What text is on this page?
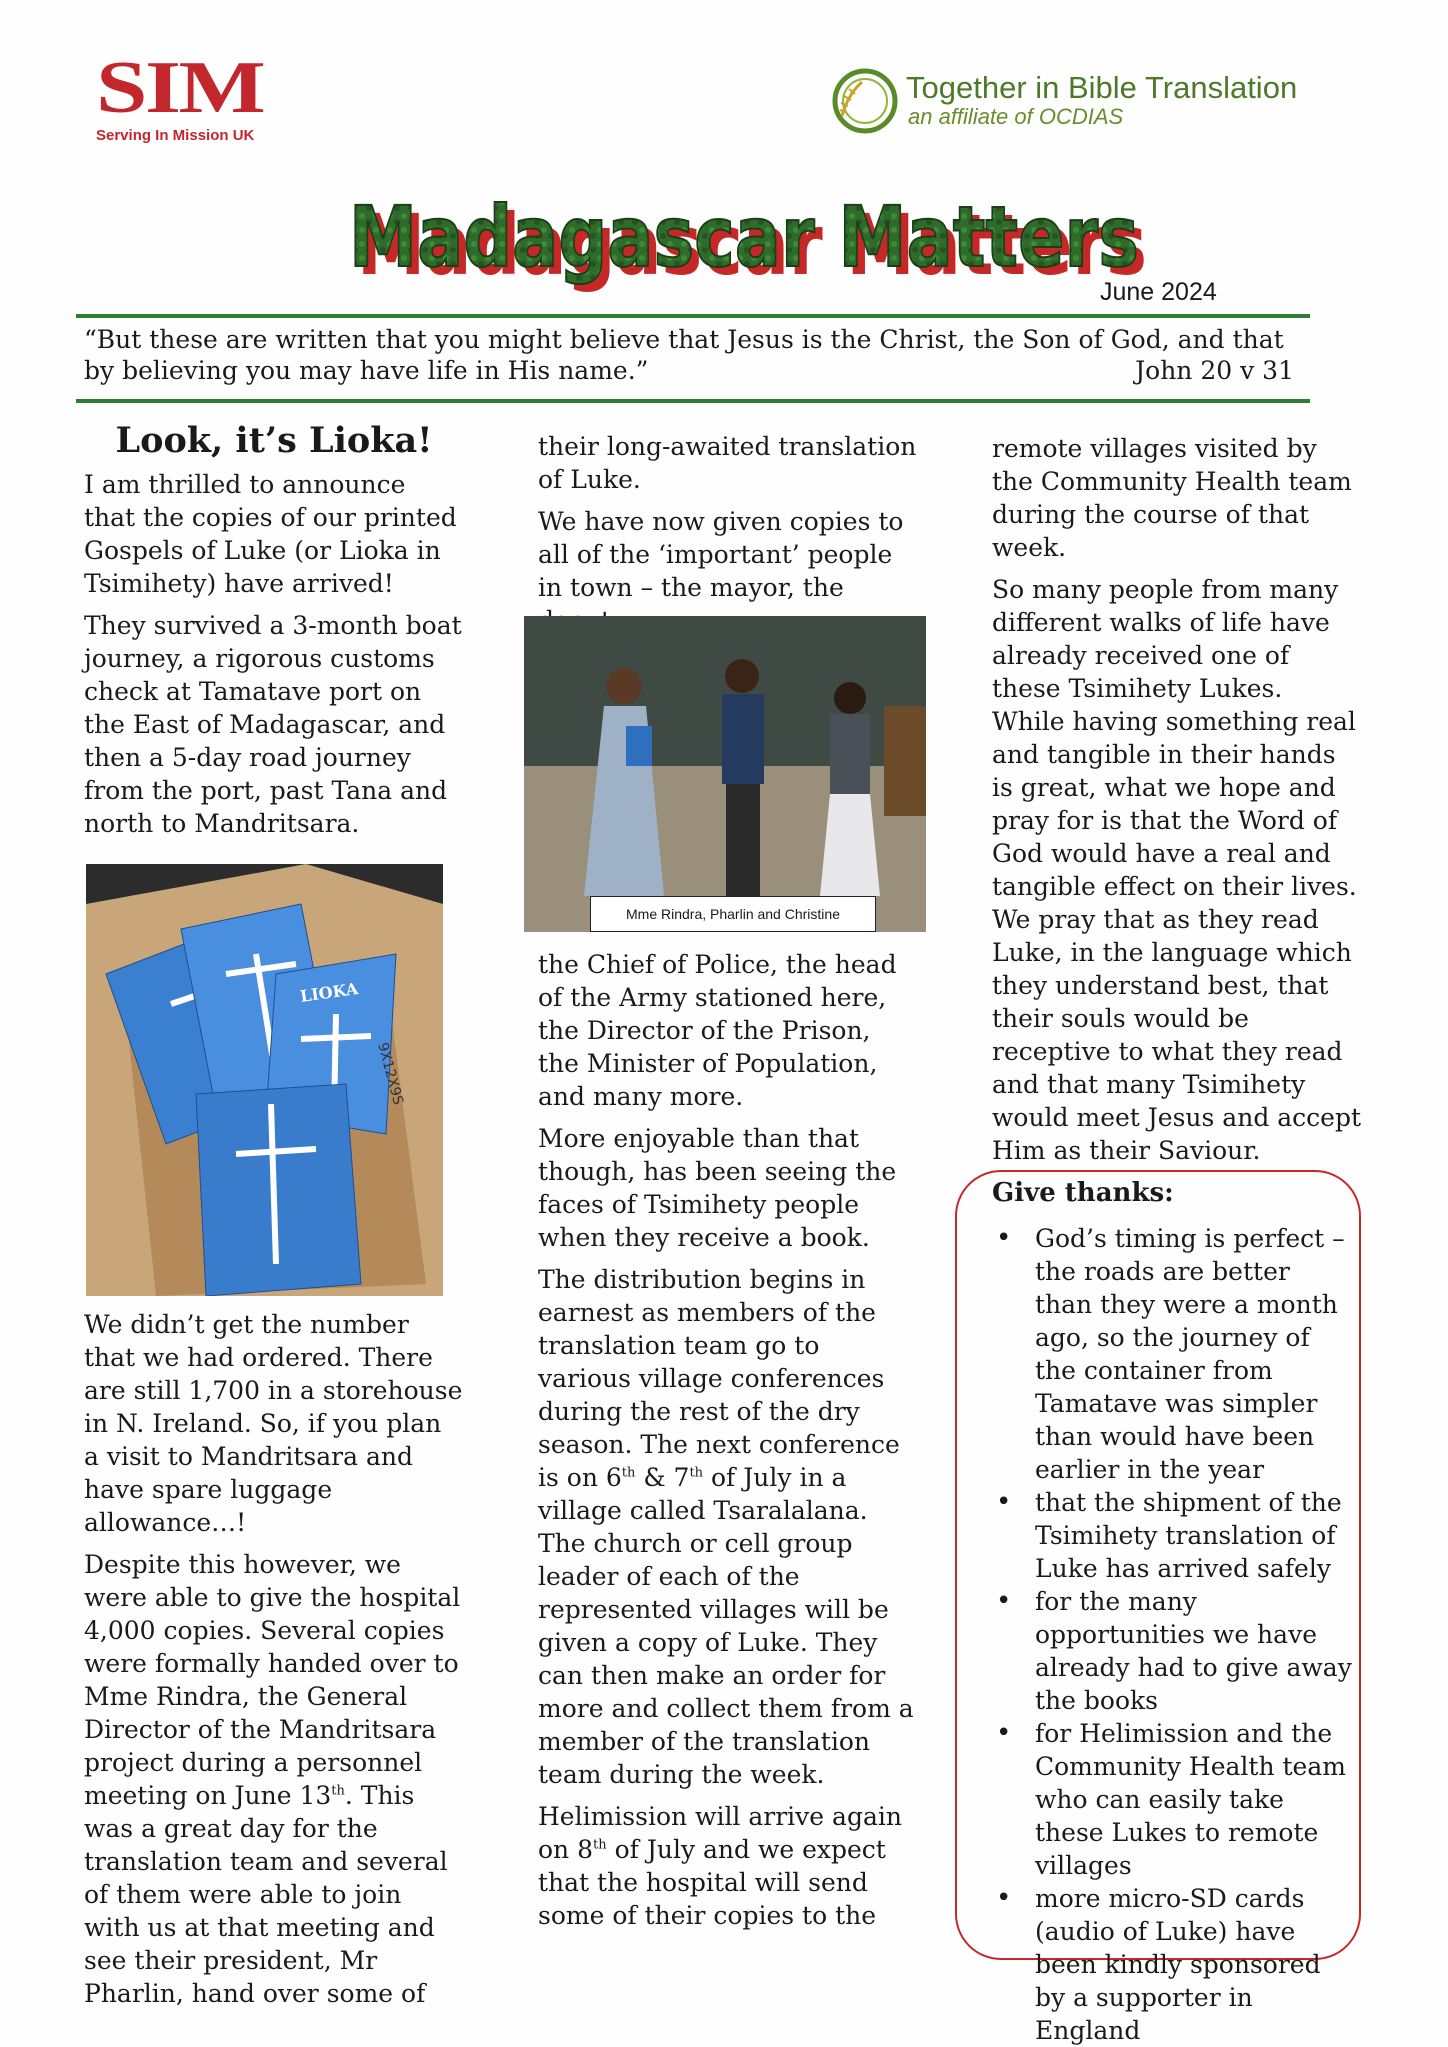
SIM
Serving In Mission UK
Together in Bible Translation
an affiliate of OCDIAS
Madagascar Matters
Madagascar Matters
June 2024
“But these are written that you might believe that Jesus is the Christ, the Son of God, and that by believing you may have life in His name.”	John 20 v 31
Look, it’s Lioka!

I am thrilled to announce that the copies of our printed Gospels of Luke (or Lioka in Tsimihety) have arrived!

They survived a 3-month boat journey, a rigorous customs check at Tamatave port on the East of Madagascar, and then a 5-day road journey from the port, past Tana and north to Mandritsara.

LIOKA
9X12X9S

We didn’t get the number that we had ordered. There are still 1,700 in a storehouse in N. Ireland. So, if you plan a visit to Mandritsara and have spare luggage allowance…!

Despite this however, we were able to give the hospital 4,000 copies. Several copies were formally handed over to Mme Rindra, the General Director of the Mandritsara project during a personnel meeting on June 13th. This was a great day for the translation team and several of them were able to join with us at that meeting and see their president, Mr Pharlin, hand over some of

their long-awaited translation of Luke.

We have now given copies to all of the ‘important’ people in town – the mayor, the

Mme Rindra, Pharlin and Christine

the Chief of Police, the head of the Army stationed here, the Director of the Prison, the Minister of Population, and many more.

More enjoyable than that though, has been seeing the faces of Tsimihety people when they receive a book.

The distribution begins in earnest as members of the translation team go to various village conferences during the rest of the dry season. The next conference is on 6th & 7th of July in a village called Tsaralalana. The church or cell group leader of each of the represented villages will be given a copy of Luke. They can then make an order for more and collect them from a member of the translation team during the week.

Helimission will arrive again on 8th of July and we expect that the hospital will send some of their copies to the

remote villages visited by the Community Health team during the course of that week.

So many people from many different walks of life have already received one of these Tsimihety Lukes. While having something real and tangible in their hands is great, what we hope and pray for is that the Word of God would have a real and tangible effect on their lives. We pray that as they read Luke, in the language which they understand best, that their souls would be receptive to what they read and that many Tsimihety would meet Jesus and accept Him as their Saviour.

Give thanks:
• God’s timing is perfect – the roads are better than they were a month ago, so the journey of the container from Tamatave was simpler than would have been earlier in the year
• that the shipment of the Tsimihety translation of Luke has arrived safely
• for the many opportunities we have already had to give away the books
• for Helimission and the Community Health team who can easily take these Lukes to remote villages
• more micro-SD cards (audio of Luke) have been kindly sponsored by a supporter in England
